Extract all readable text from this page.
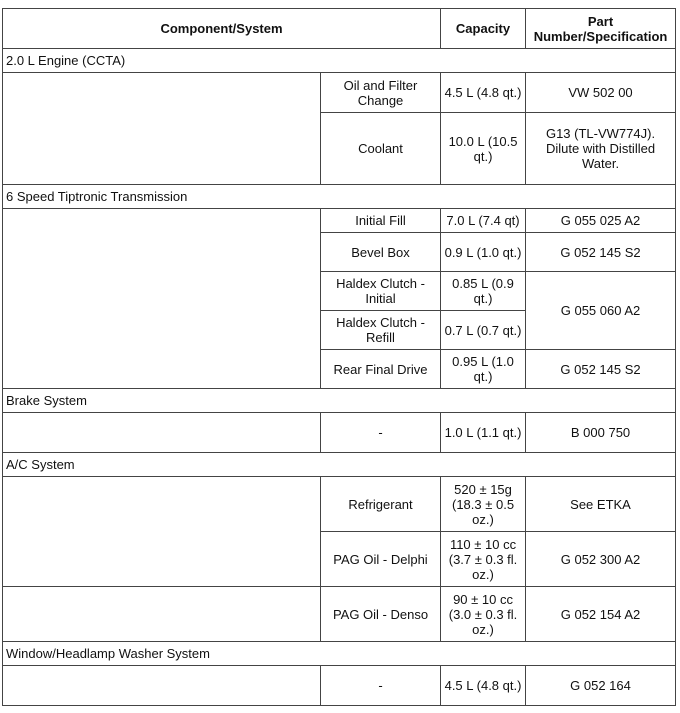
Component/System		Capacity	Part
Number/Specification

2.0 L Engine (CCTA)			
	Oil and Filter Change	4.5 L (4.8 qt.)	VW 502 00
	Coolant	10.0 L (10.5 qt.)	G13 (TL-VW774J). Dilute with Distilled Water.
6 Speed Tiptronic Transmission			
	Initial Fill	7.0 L (7.4 qt)	G 055 025 A2
	Bevel Box	0.9 L (1.0 qt.)	G 052 145 S2
	Haldex Clutch - Initial	0.85 L (0.9 qt.)	G 055 060 A2
	Haldex Clutch - Refill	0.7 L (0.7 qt.)	
	Rear Final Drive	0.95 L (1.0 qt.)	G 052 145 S2
Brake System			
	-	1.0 L (1.1 qt.)	B 000 750
A/C System			
	Refrigerant	520 ± 15g (18.3 ± 0.5 oz.)	See ETKA
	PAG Oil - Delphi	110 ± 10 cc (3.7 ± 0.3 fl. oz.)	G 052 300 A2
	PAG Oil - Denso	90 ± 10 cc (3.0 ± 0.3 fl. oz.)	G 052 154 A2
Window/Headlamp Washer System			
	-	4.5 L (4.8 qt.)	G 052 164
